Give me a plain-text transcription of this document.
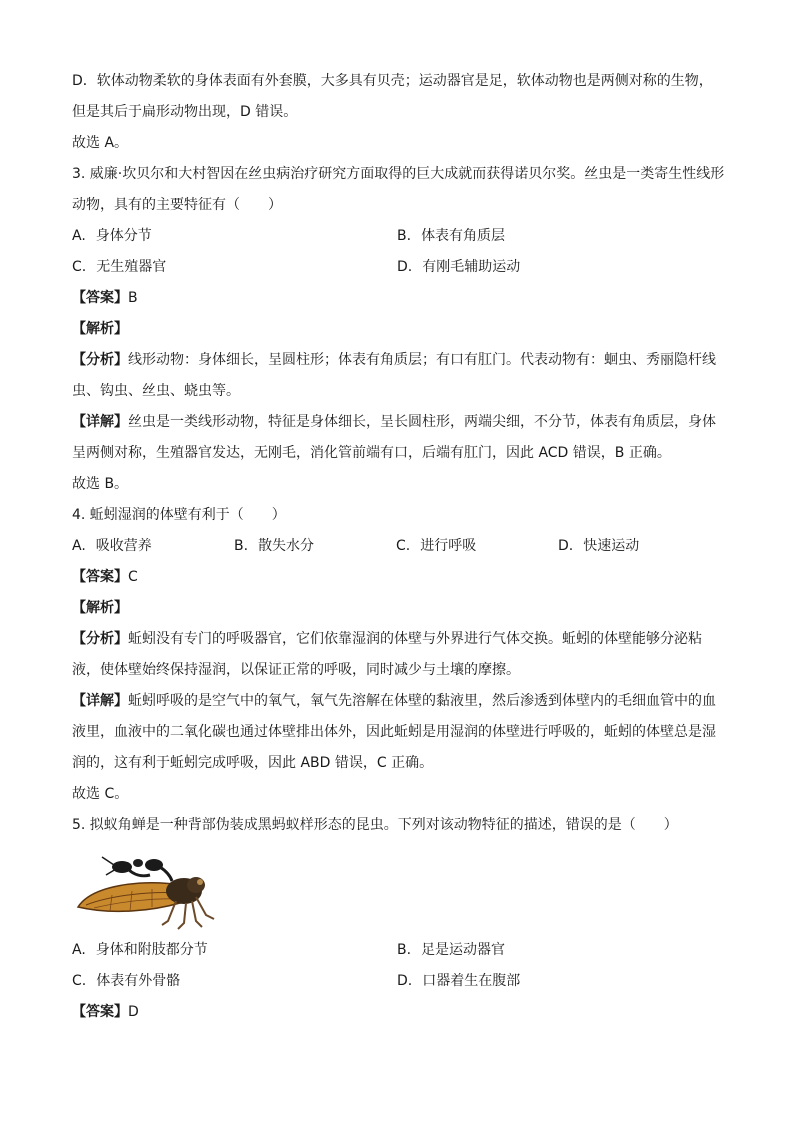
D．软体动物柔软的身体表面有外套膜，大多具有贝壳；运动器官是足，软体动物也是两侧对称的生物，
但是其后于扁形动物出现，D 错误。
故选 A。
3. 威廉·坎贝尔和大村智因在丝虫病治疗研究方面取得的巨大成就而获得诺贝尔奖。丝虫是一类寄生性线形
动物，具有的主要特征有（　　）
A. 身体分节	B. 体表有角质层
C. 无生殖器官	D. 有刚毛辅助运动
【答案】B
【解析】
【分析】线形动物：身体细长，呈圆柱形；体表有角质层；有口有肛门。代表动物有：蛔虫、秀丽隐杆线
虫、钩虫、丝虫、蛲虫等。
【详解】丝虫是一类线形动物，特征是身体细长，呈长圆柱形，两端尖细，不分节，体表有角质层，身体
呈两侧对称，生殖器官发达，无刚毛，消化管前端有口，后端有肛门，因此 ACD 错误，B 正确。
故选 B。
4. 蚯蚓湿润的体壁有利于（　　）
A. 吸收营养	B. 散失水分	C. 进行呼吸	D. 快速运动
【答案】C
【解析】
【分析】蚯蚓没有专门的呼吸器官，它们依靠湿润的体壁与外界进行气体交换。蚯蚓的体壁能够分泌粘
液，使体壁始终保持湿润，以保证正常的呼吸，同时减少与土壤的摩擦。
【详解】蚯蚓呼吸的是空气中的氧气，氧气先溶解在体壁的黏液里，然后渗透到体壁内的毛细血管中的血
液里，血液中的二氧化碳也通过体壁排出体外，因此蚯蚓是用湿润的体壁进行呼吸的，蚯蚓的体壁总是湿
润的，这有利于蚯蚓完成呼吸，因此 ABD 错误，C 正确。
故选 C。
5. 拟蚁角蝉是一种背部伪装成黑蚂蚁样形态的昆虫。下列对该动物特征的描述，错误的是（　　）
A. 身体和附肢都分节	B. 足是运动器官
C. 体表有外骨骼	D. 口器着生在腹部
【答案】D
